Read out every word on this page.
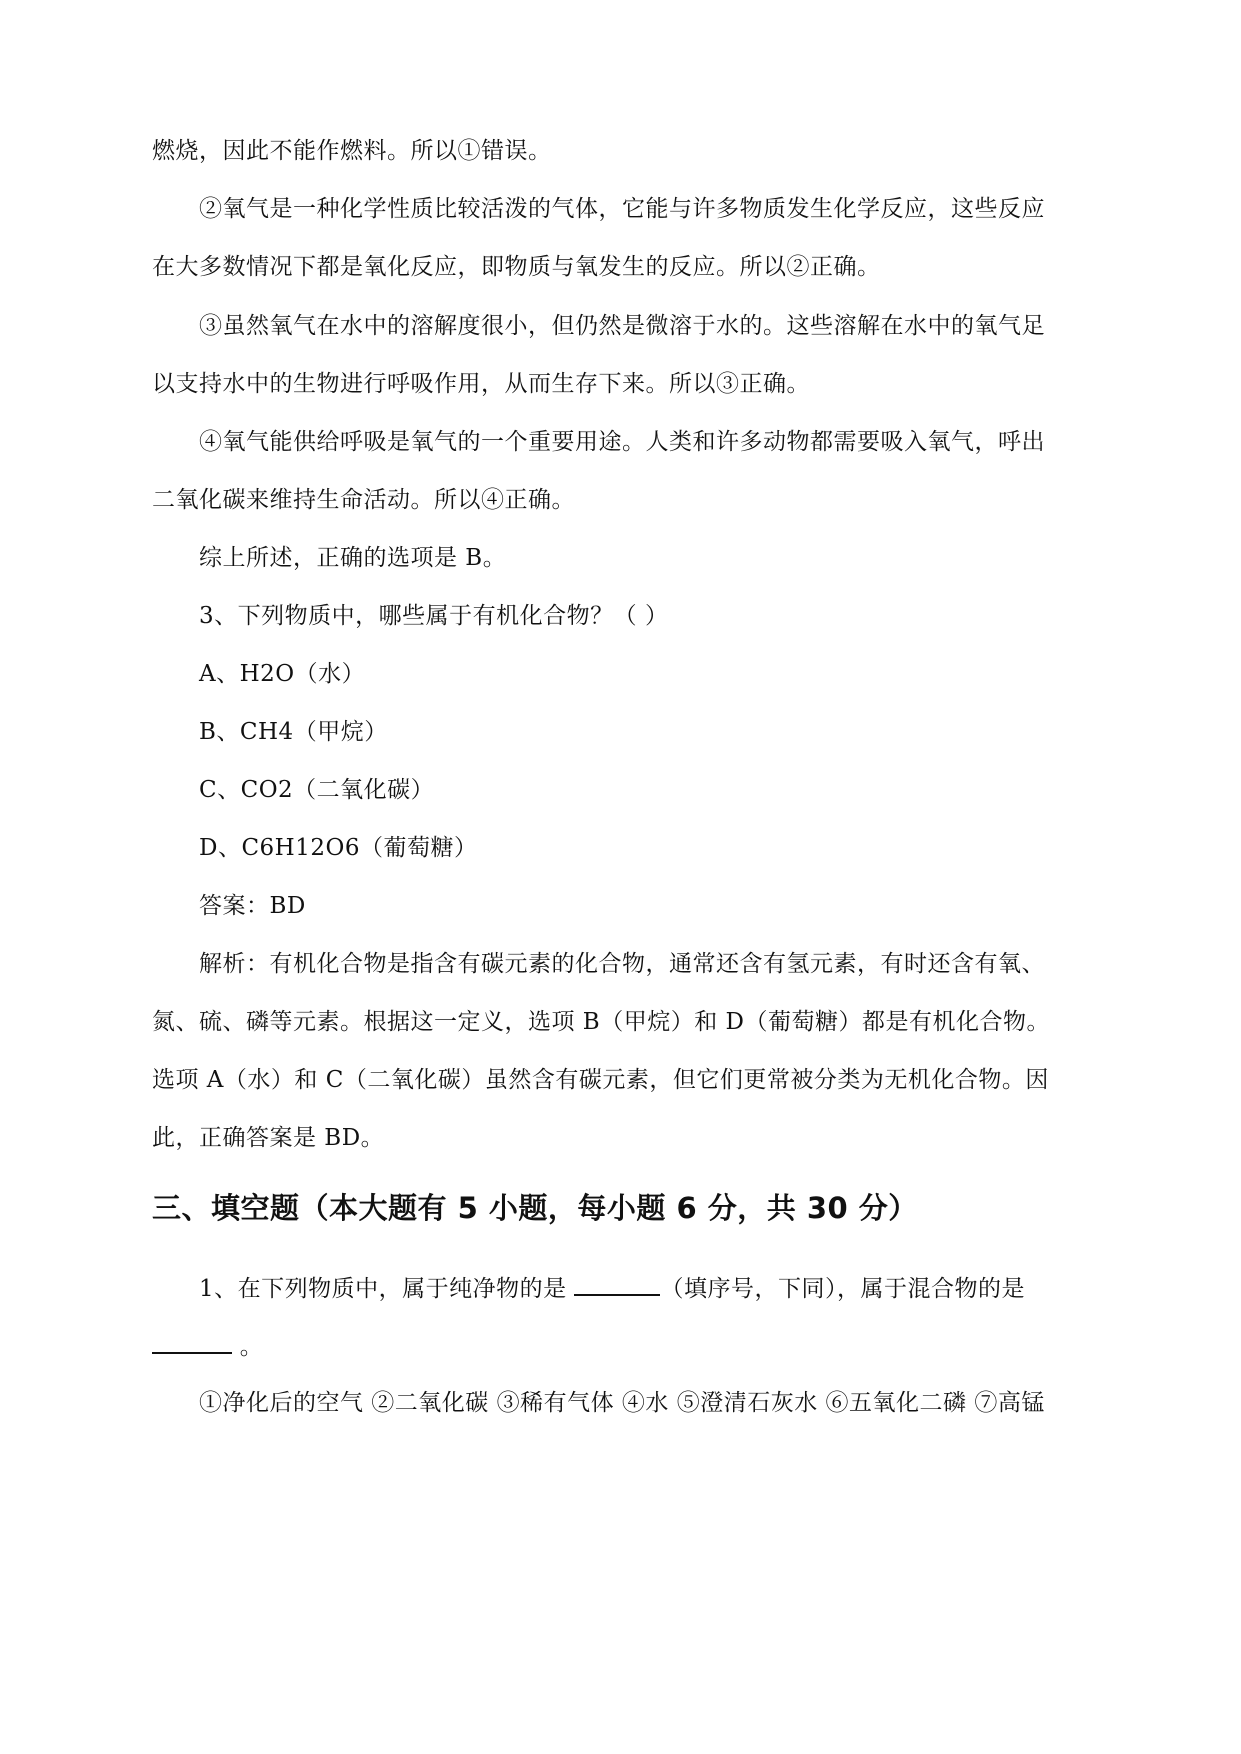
燃烧，因此不能作燃料。所以①错误。
②氧气是一种化学性质比较活泼的气体，它能与许多物质发生化学反应，这些反应
在大多数情况下都是氧化反应，即物质与氧发生的反应。所以②正确。
③虽然氧气在水中的溶解度很小，但仍然是微溶于水的。这些溶解在水中的氧气足
以支持水中的生物进行呼吸作用，从而生存下来。所以③正确。
④氧气能供给呼吸是氧气的一个重要用途。人类和许多动物都需要吸入氧气，呼出
二氧化碳来维持生命活动。所以④正确。
综上所述，正确的选项是 B。
3、下列物质中，哪些属于有机化合物？（ ）
A、H2O（水）
B、CH4（甲烷）
C、CO2（二氧化碳）
D、C6H12O6（葡萄糖）
答案：BD
解析：有机化合物是指含有碳元素的化合物，通常还含有氢元素，有时还含有氧、
氮、硫、磷等元素。根据这一定义，选项 B（甲烷）和 D（葡萄糖）都是有机化合物。
选项 A（水）和 C（二氧化碳）虽然含有碳元素，但它们更常被分类为无机化合物。因
此，正确答案是 BD。
三、填空题（本大题有 5 小题，每小题 6 分，共 30 分）
1、在下列物质中，属于纯净物的是	（填序号，下同），属于混合物的是
。
①净化后的空气 ②二氧化碳 ③稀有气体 ④水 ⑤澄清石灰水 ⑥五氧化二磷 ⑦高锰
